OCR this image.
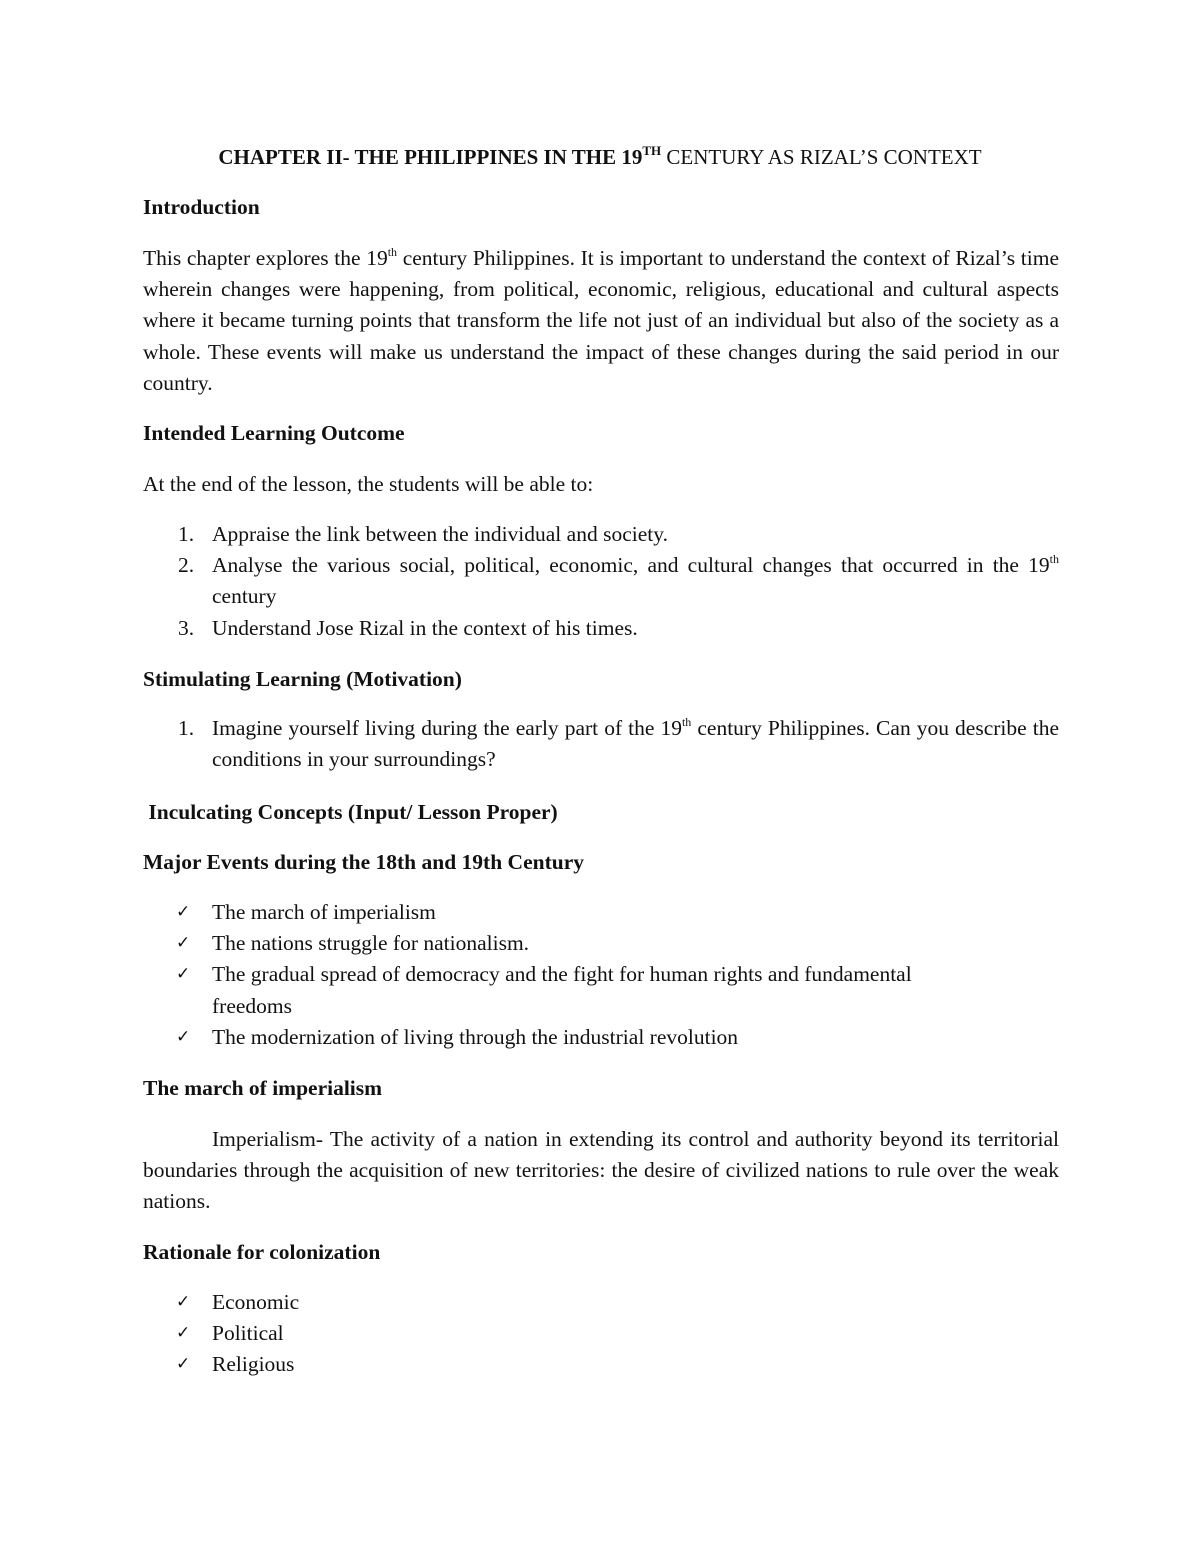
CHAPTER II- THE PHILIPPINES IN THE 19TH CENTURY AS RIZAL’S CONTEXT
Introduction
This chapter explores the 19th century Philippines. It is important to understand the context of Rizal’s time wherein changes were happening, from political, economic, religious, educational and cultural aspects where it became turning points that transform the life not just of an individual but also of the society as a whole. These events will make us understand the impact of these changes during the said period in our country.
Intended Learning Outcome
At the end of the lesson, the students will be able to:
1. Appraise the link between the individual and society.
2. Analyse the various social, political, economic, and cultural changes that occurred in the 19th century
3. Understand Jose Rizal in the context of his times.
Stimulating Learning (Motivation)
1. Imagine yourself living during the early part of the 19th century Philippines. Can you describe the conditions in your surroundings?
Inculcating Concepts (Input/ Lesson Proper)
Major Events during the 18th and 19th Century
✓ The march of imperialism
✓ The nations struggle for nationalism.
✓ The gradual spread of democracy and the fight for human rights and fundamental freedoms
✓ The modernization of living through the industrial revolution
The march of imperialism
Imperialism- The activity of a nation in extending its control and authority beyond its territorial boundaries through the acquisition of new territories: the desire of civilized nations to rule over the weak nations.
Rationale for colonization
✓ Economic
✓ Political
✓ Religious
